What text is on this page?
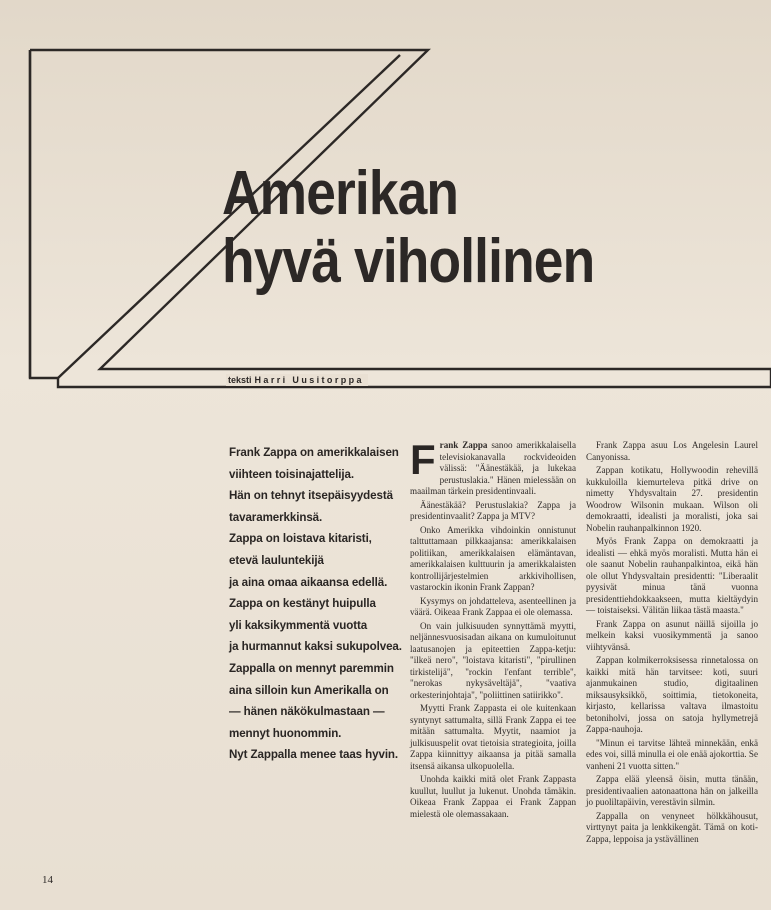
Amerikan
hyvä vihollinen
teksti Harri Uusitorppa
Frank Zappa on amerikkalaisen
viihteen toisinajattelija.
Hän on tehnyt itsepäisyydestä
tavaramerkkinsä.
Zappa on loistava kitaristi,
etevä lauluntekijä
ja aina omaa aikaansa edellä.
Zappa on kestänyt huipulla
yli kaksikymmentä vuotta
ja hurmannut kaksi sukupolvea.
Zappalla on mennyt paremmin
aina silloin kun Amerikalla on
— hänen näkökulmastaan —
mennyt huonommin.
Nyt Zappalla menee taas hyvin.

Frank Zappa sanoo amerikkalaisella televisiokanavalla rockvideoiden välissä: "Äänestäkää, ja lukekaa perustuslakia." Hänen mielessään on maailman tärkein presidentinvaali.

Äänestäkää? Perustuslakia? Zappa ja presidentinvaalit? Zappa ja MTV?

Onko Amerikka vihdoinkin onnistunut talttuttamaan pilkkaajansa: amerikkalaisen politiikan, amerikkalaisen elämäntavan, amerikkalaisen kulttuurin ja amerikkalaisten kontrollijärjestelmien arkkivihollisen, vastarockin ikonin Frank Zappan?

Kysymys on johdatteleva, asenteellinen ja väärä. Oikeaa Frank Zappaa ei ole olemassa.

On vain julkisuuden synnyttämä myytti, neljännesvuosisadan aikana on kumuloitunut laatusanojen ja epiteettien Zappa-ketju: "ilkeä nero", "loistava kitaristi", "pirullinen tirkistelijä", "rockin l'enfant terrible", "nerokas nykysäveltäjä", "vaativa orkesterinjohtaja", "poliittinen satiirikko".

Myytti Frank Zappasta ei ole kuitenkaan syntynyt sattumalta, sillä Frank Zappa ei tee mitään sattumalta. Myytit, naamiot ja julkisuuspelit ovat tietoisia strategioita, joilla Zappa kiinnittyy aikaansa ja pitää samalla itsensä aikansa ulkopuolella.

Unohda kaikki mitä olet Frank Zappasta kuullut, luullut ja lukenut. Unohda tämäkin. Oikeaa Frank Zappaa ei Frank Zappan mielestä ole olemassakaan.

Frank Zappa asuu Los Angelesin Laurel Canyonissa.

Zappan kotikatu, Hollywoodin rehevillä kukkuloilla kiemurteleva pitkä drive on nimetty Yhdysvaltain 27. presidentin Woodrow Wilsonin mukaan. Wilson oli demokraatti, idealisti ja moralisti, joka sai Nobelin rauhanpalkinnon 1920.

Myös Frank Zappa on demokraatti ja idealisti — ehkä myös moralisti. Mutta hän ei ole saanut Nobelin rauhanpalkintoa, eikä hän ole ollut Yhdysvaltain presidentti: "Liberaalit pyysivät minua tänä vuonna presidenttiehdokkaakseen, mutta kieltäydyin — toistaiseksi. Välitän liikaa tästä maasta."

Frank Zappa on asunut näillä sijoilla jo melkein kaksi vuosikymmentä ja sanoo viihtyvänsä.

Zappan kolmikerroksisessa rinnetalossa on kaikki mitä hän tarvitsee: koti, suuri ajanmukainen studio, digitaalinen miksausyksikkö, soittimia, tietokoneita, kirjasto, kellarissa valtava ilmastoitu betoniholvi, jossa on satoja hyllymetrejä Zappa-nauhoja.

"Minun ei tarvitse lähteä minnekään, enkä edes voi, sillä minulla ei ole enää ajokorttia. Se vanheni 21 vuotta sitten."

Zappa elää yleensä öisin, mutta tänään, presidentivaalien aatonaattona hän on jalkeilla jo puoliltapäivin, verestävin silmin.

Zappalla on venyneet hölkkähousut, virttynyt paita ja lenkkikengät. Tämä on koti-Zappa, leppoisa ja ystävällinen

14
